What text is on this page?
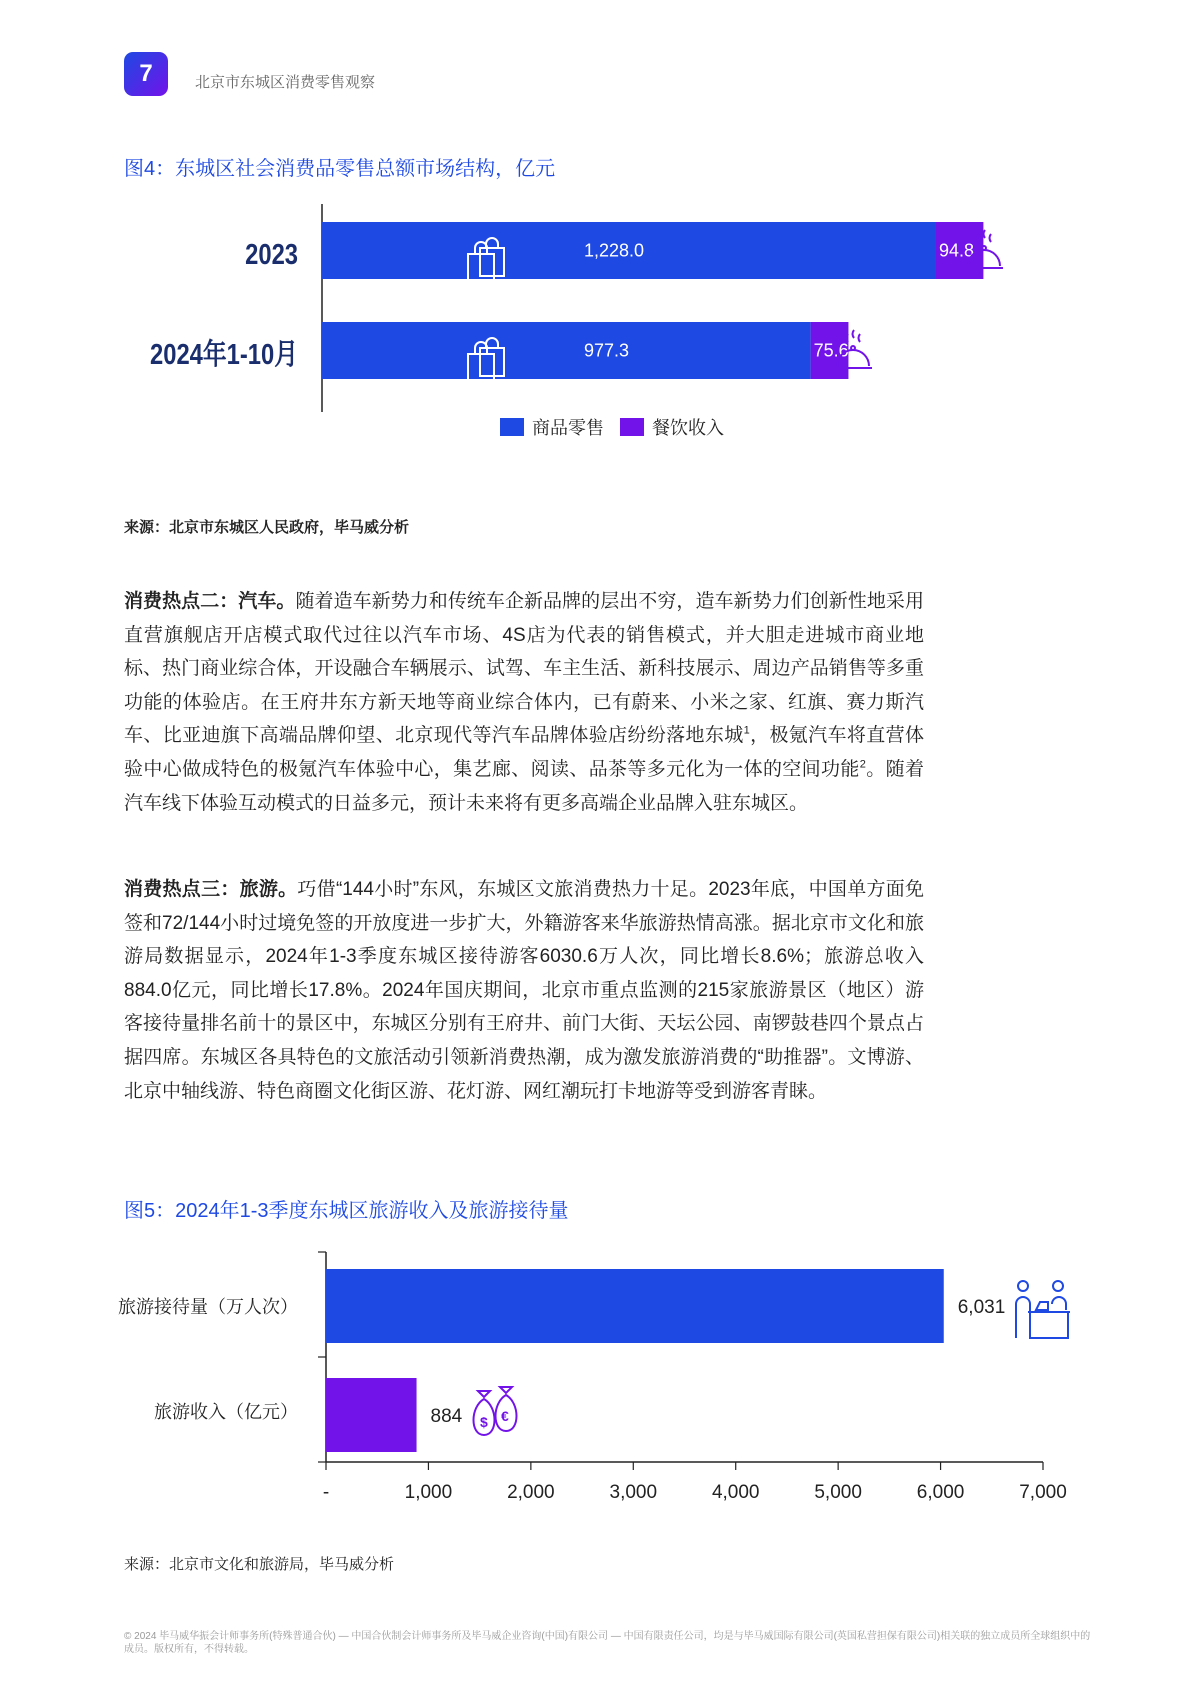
7	北京市东城区消费零售观察
图4：东城区社会消费品零售总额市场结构，亿元
2023
2024年1-10月
1,228.0	94.8
977.3	75.6
商品零售	餐饮收入
来源：北京市东城区人民政府，毕马威分析

消费热点二：汽车。随着造车新势力和传统车企新品牌的层出不穷，造车新势力们创新性地采用直营旗舰店开店模式取代过往以汽车市场、4S店为代表的销售模式，并大胆走进城市商业地标、热门商业综合体，开设融合车辆展示、试驾、车主生活、新科技展示、周边产品销售等多重功能的体验店。在王府井东方新天地等商业综合体内，已有蔚来、小米之家、红旗、赛力斯汽车、比亚迪旗下高端品牌仰望、北京现代等汽车品牌体验店纷纷落地东城$^1$，极氪汽车将直营体验中心做成特色的极氪汽车体验中心，集艺廊、阅读、品茶等多元化为一体的空间功能$^2$。随着汽车线下体验互动模式的日益多元，预计未来将有更多高端企业品牌入驻东城区。

消费热点三：旅游。巧借“144小时”东风，东城区文旅消费热力十足。2023年底，中国单方面免签和72/144小时过境免签的开放度进一步扩大，外籍游客来华旅游热情高涨。据北京市文化和旅游局数据显示，2024年1-3季度东城区接待游客6030.6万人次，同比增长8.6%；旅游总收入884.0亿元，同比增长17.8%。2024年国庆期间，北京市重点监测的215家旅游景区（地区）游客接待量排名前十的景区中，东城区分别有王府井、前门大街、天坛公园、南锣鼓巷四个景点占据四席。东城区各具特色的文旅活动引领新消费热潮，成为激发旅游消费的“助推器”。文博游、北京中轴线游、特色商圈文化街区游、花灯游、网红潮玩打卡地游等受到游客青睐。

图5：2024年1-3季度东城区旅游收入及旅游接待量
旅游接待量（万人次）
旅游收入（亿元）
6,031
884
-	1,000	2,000	3,000	4,000	5,000	6,000	7,000
$ €
来源：北京市文化和旅游局，毕马威分析
© 2024 毕马威华振会计师事务所(特殊普通合伙) — 中国合伙制会计师事务所及毕马威企业咨询(中国)有限公司 — 中国有限责任公司，均是与毕马威国际有限公司(英国私营担保有限公司)相关联的独立成员所全球组织中的成员。版权所有，不得转载。
